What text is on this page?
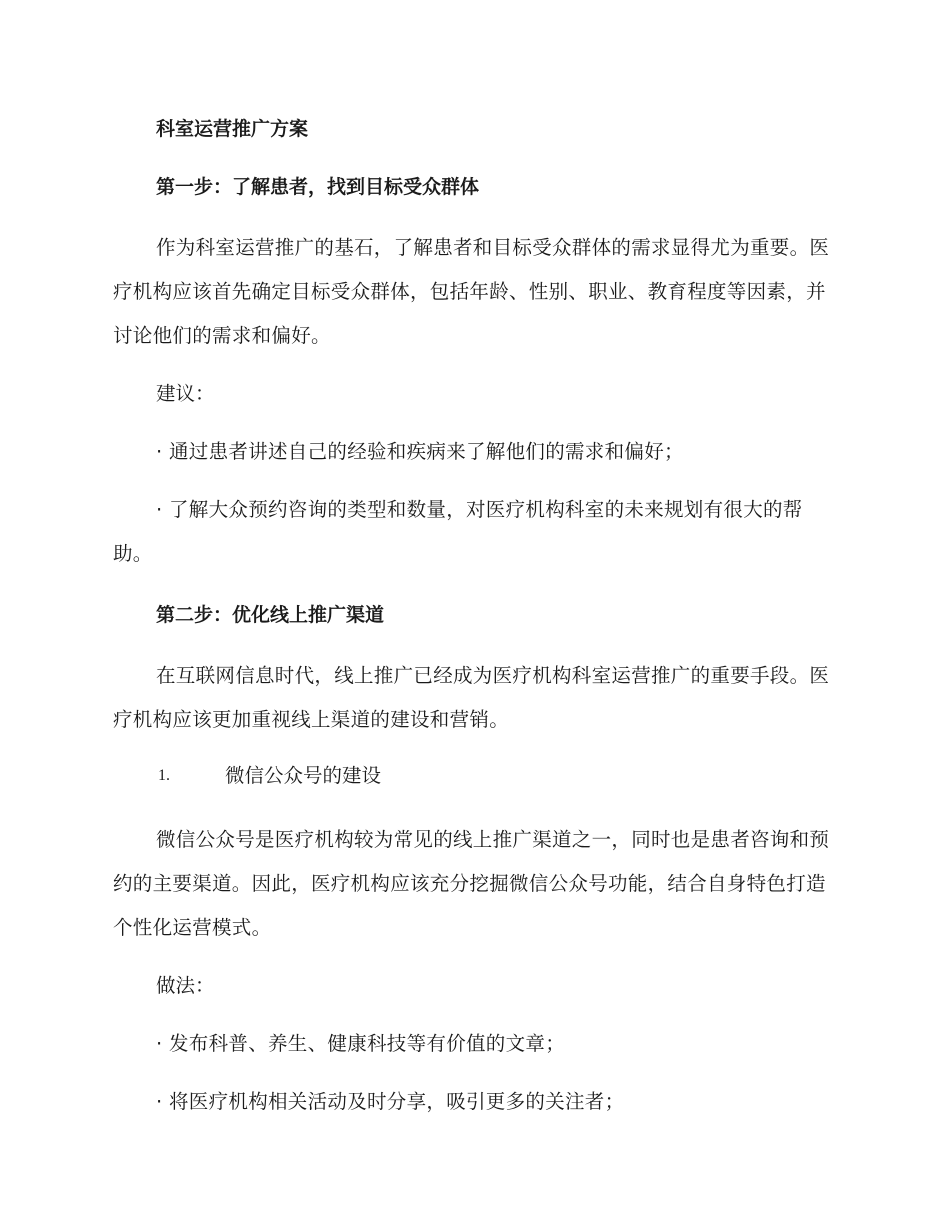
科室运营推广方案
第一步：了解患者，找到目标受众群体
作为科室运营推广的基石，了解患者和目标受众群体的需求显得尤为重要。医疗机构应该首先确定目标受众群体，包括年龄、性别、职业、教育程度等因素，并讨论他们的需求和偏好。
建议：
· 通过患者讲述自己的经验和疾病来了解他们的需求和偏好；
· 了解大众预约咨询的类型和数量，对医疗机构科室的未来规划有很大的帮助。
第二步：优化线上推广渠道
在互联网信息时代，线上推广已经成为医疗机构科室运营推广的重要手段。医疗机构应该更加重视线上渠道的建设和营销。
1.	微信公众号的建设
微信公众号是医疗机构较为常见的线上推广渠道之一，同时也是患者咨询和预约的主要渠道。因此，医疗机构应该充分挖掘微信公众号功能，结合自身特色打造个性化运营模式。
做法：
· 发布科普、养生、健康科技等有价值的文章；
· 将医疗机构相关活动及时分享，吸引更多的关注者；
